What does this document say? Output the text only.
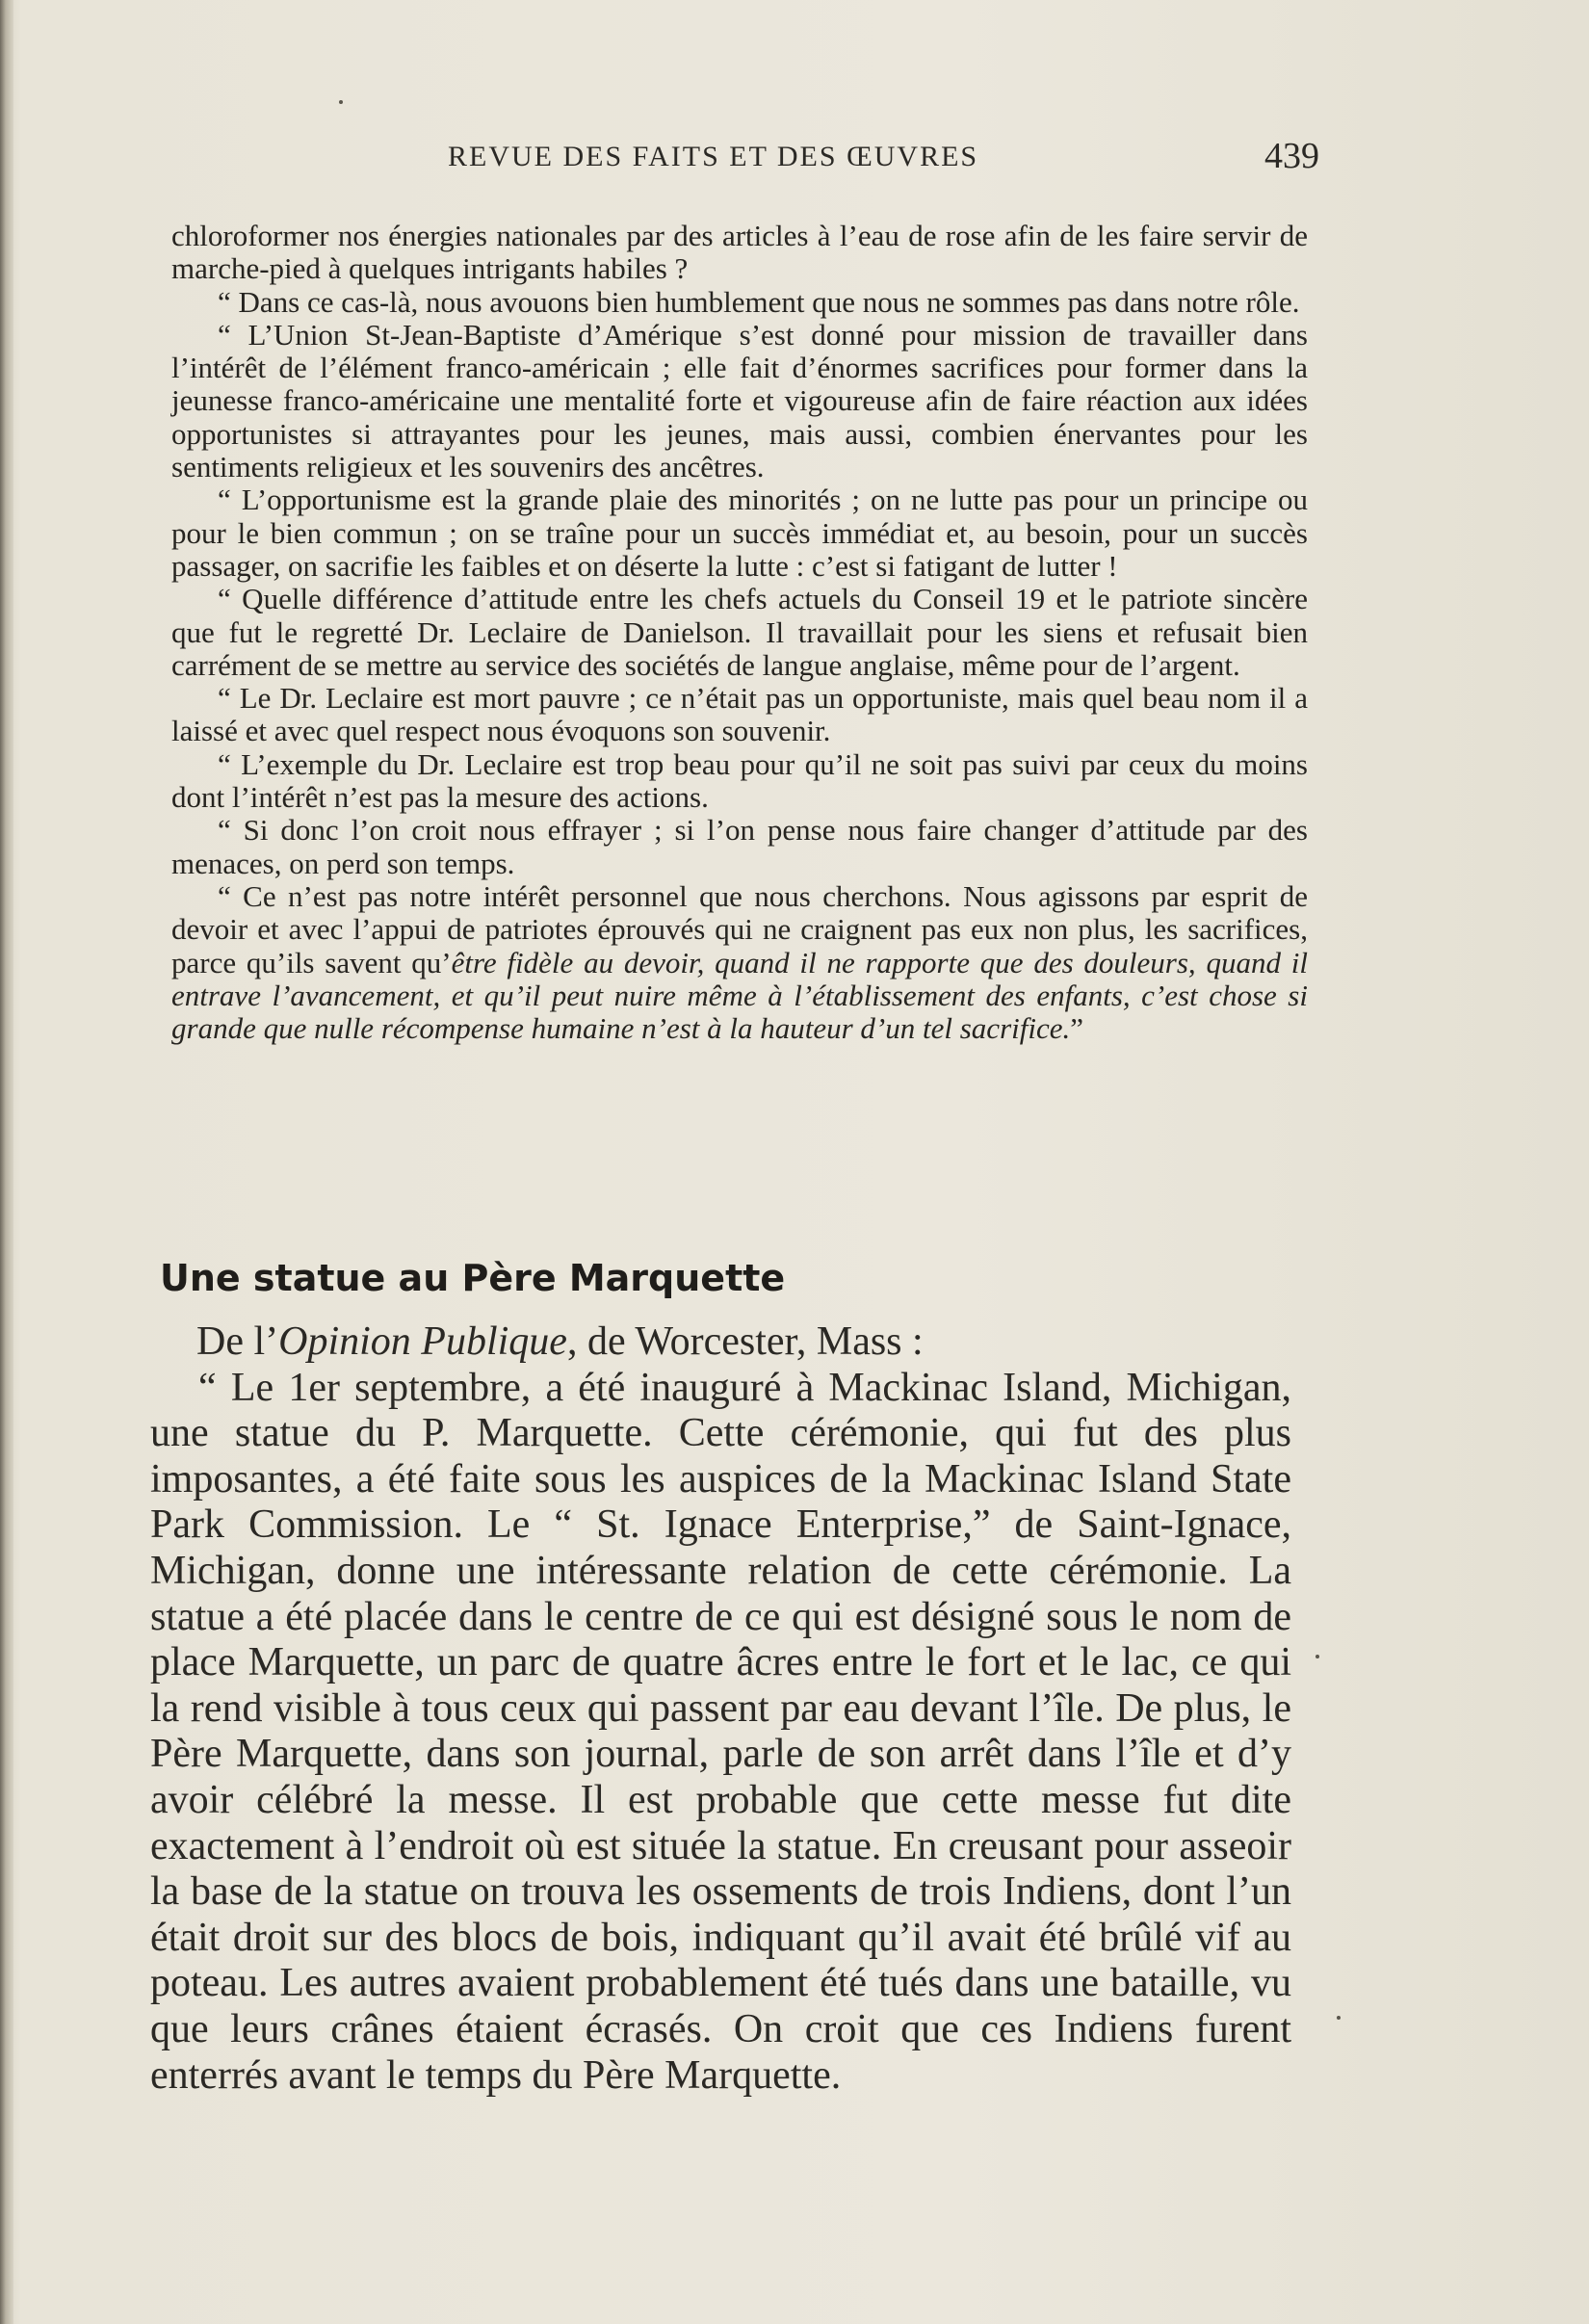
REVUE DES FAITS ET DES ŒUVRES	439

chloroformer nos énergies nationales par des articles à l’eau de rose afin de les faire servir de marche-pied à quelques intrigants habiles ?

“ Dans ce cas-là, nous avouons bien humblement que nous ne sommes pas dans notre rôle.

“ L’Union St-Jean-Baptiste d’Amérique s’est donné pour mission de travailler dans l’intérêt de l’élément franco-américain ; elle fait d’énormes sacrifices pour former dans la jeunesse franco-américaine une mentalité forte et vigoureuse afin de faire réaction aux idées opportunistes si attrayantes pour les jeunes, mais aussi, combien énervantes pour les sentiments religieux et les souvenirs des ancêtres.

“ L’opportunisme est la grande plaie des minorités ; on ne lutte pas pour un principe ou pour le bien commun ; on se traîne pour un succès immédiat et, au besoin, pour un succès passager, on sacrifie les faibles et on déserte la lutte : c’est si fatigant de lutter !

“ Quelle différence d’attitude entre les chefs actuels du Conseil 19 et le patriote sincère que fut le regretté Dr. Leclaire de Danielson. Il travaillait pour les siens et refusait bien carrément de se mettre au service des sociétés de langue anglaise, même pour de l’argent.

“ Le Dr. Leclaire est mort pauvre ; ce n’était pas un opportuniste, mais quel beau nom il a laissé et avec quel respect nous évoquons son souvenir.

“ L’exemple du Dr. Leclaire est trop beau pour qu’il ne soit pas suivi par ceux du moins dont l’intérêt n’est pas la mesure des actions.

“ Si donc l’on croit nous effrayer ; si l’on pense nous faire changer d’attitude par des menaces, on perd son temps.

“ Ce n’est pas notre intérêt personnel que nous cherchons. Nous agissons par esprit de devoir et avec l’appui de patriotes éprouvés qui ne craignent pas eux non plus, les sacrifices, parce qu’ils savent qu’être fidèle au devoir, quand il ne rapporte que des douleurs, quand il entrave l’avancement, et qu’il peut nuire même à l’établissement des enfants, c’est chose si grande que nulle récompense humaine n’est à la hauteur d’un tel sacrifice.”

Une statue au Père Marquette

De l’Opinion Publique, de Worcester, Mass :

“ Le 1er septembre, a été inauguré à Mackinac Island, Michigan, une statue du P. Marquette. Cette cérémonie, qui fut des plus imposantes, a été faite sous les auspices de la Mackinac Island State Park Commission. Le “ St. Ignace Enterprise,” de Saint-Ignace, Michigan, donne une intéressante relation de cette cérémonie. La statue a été placée dans le centre de ce qui est désigné sous le nom de place Marquette, un parc de quatre âcres entre le fort et le lac, ce qui la rend visible à tous ceux qui passent par eau devant l’île. De plus, le Père Marquette, dans son journal, parle de son arrêt dans l’île et d’y avoir célébré la messe. Il est probable que cette messe fut dite exactement à l’endroit où est située la statue. En creusant pour asseoir la base de la statue on trouva les ossements de trois Indiens, dont l’un était droit sur des blocs de bois, indiquant qu’il avait été brûlé vif au poteau. Les autres avaient probablement été tués dans une bataille, vu que leurs crânes étaient écrasés. On croit que ces Indiens furent enterrés avant le temps du Père Marquette.
